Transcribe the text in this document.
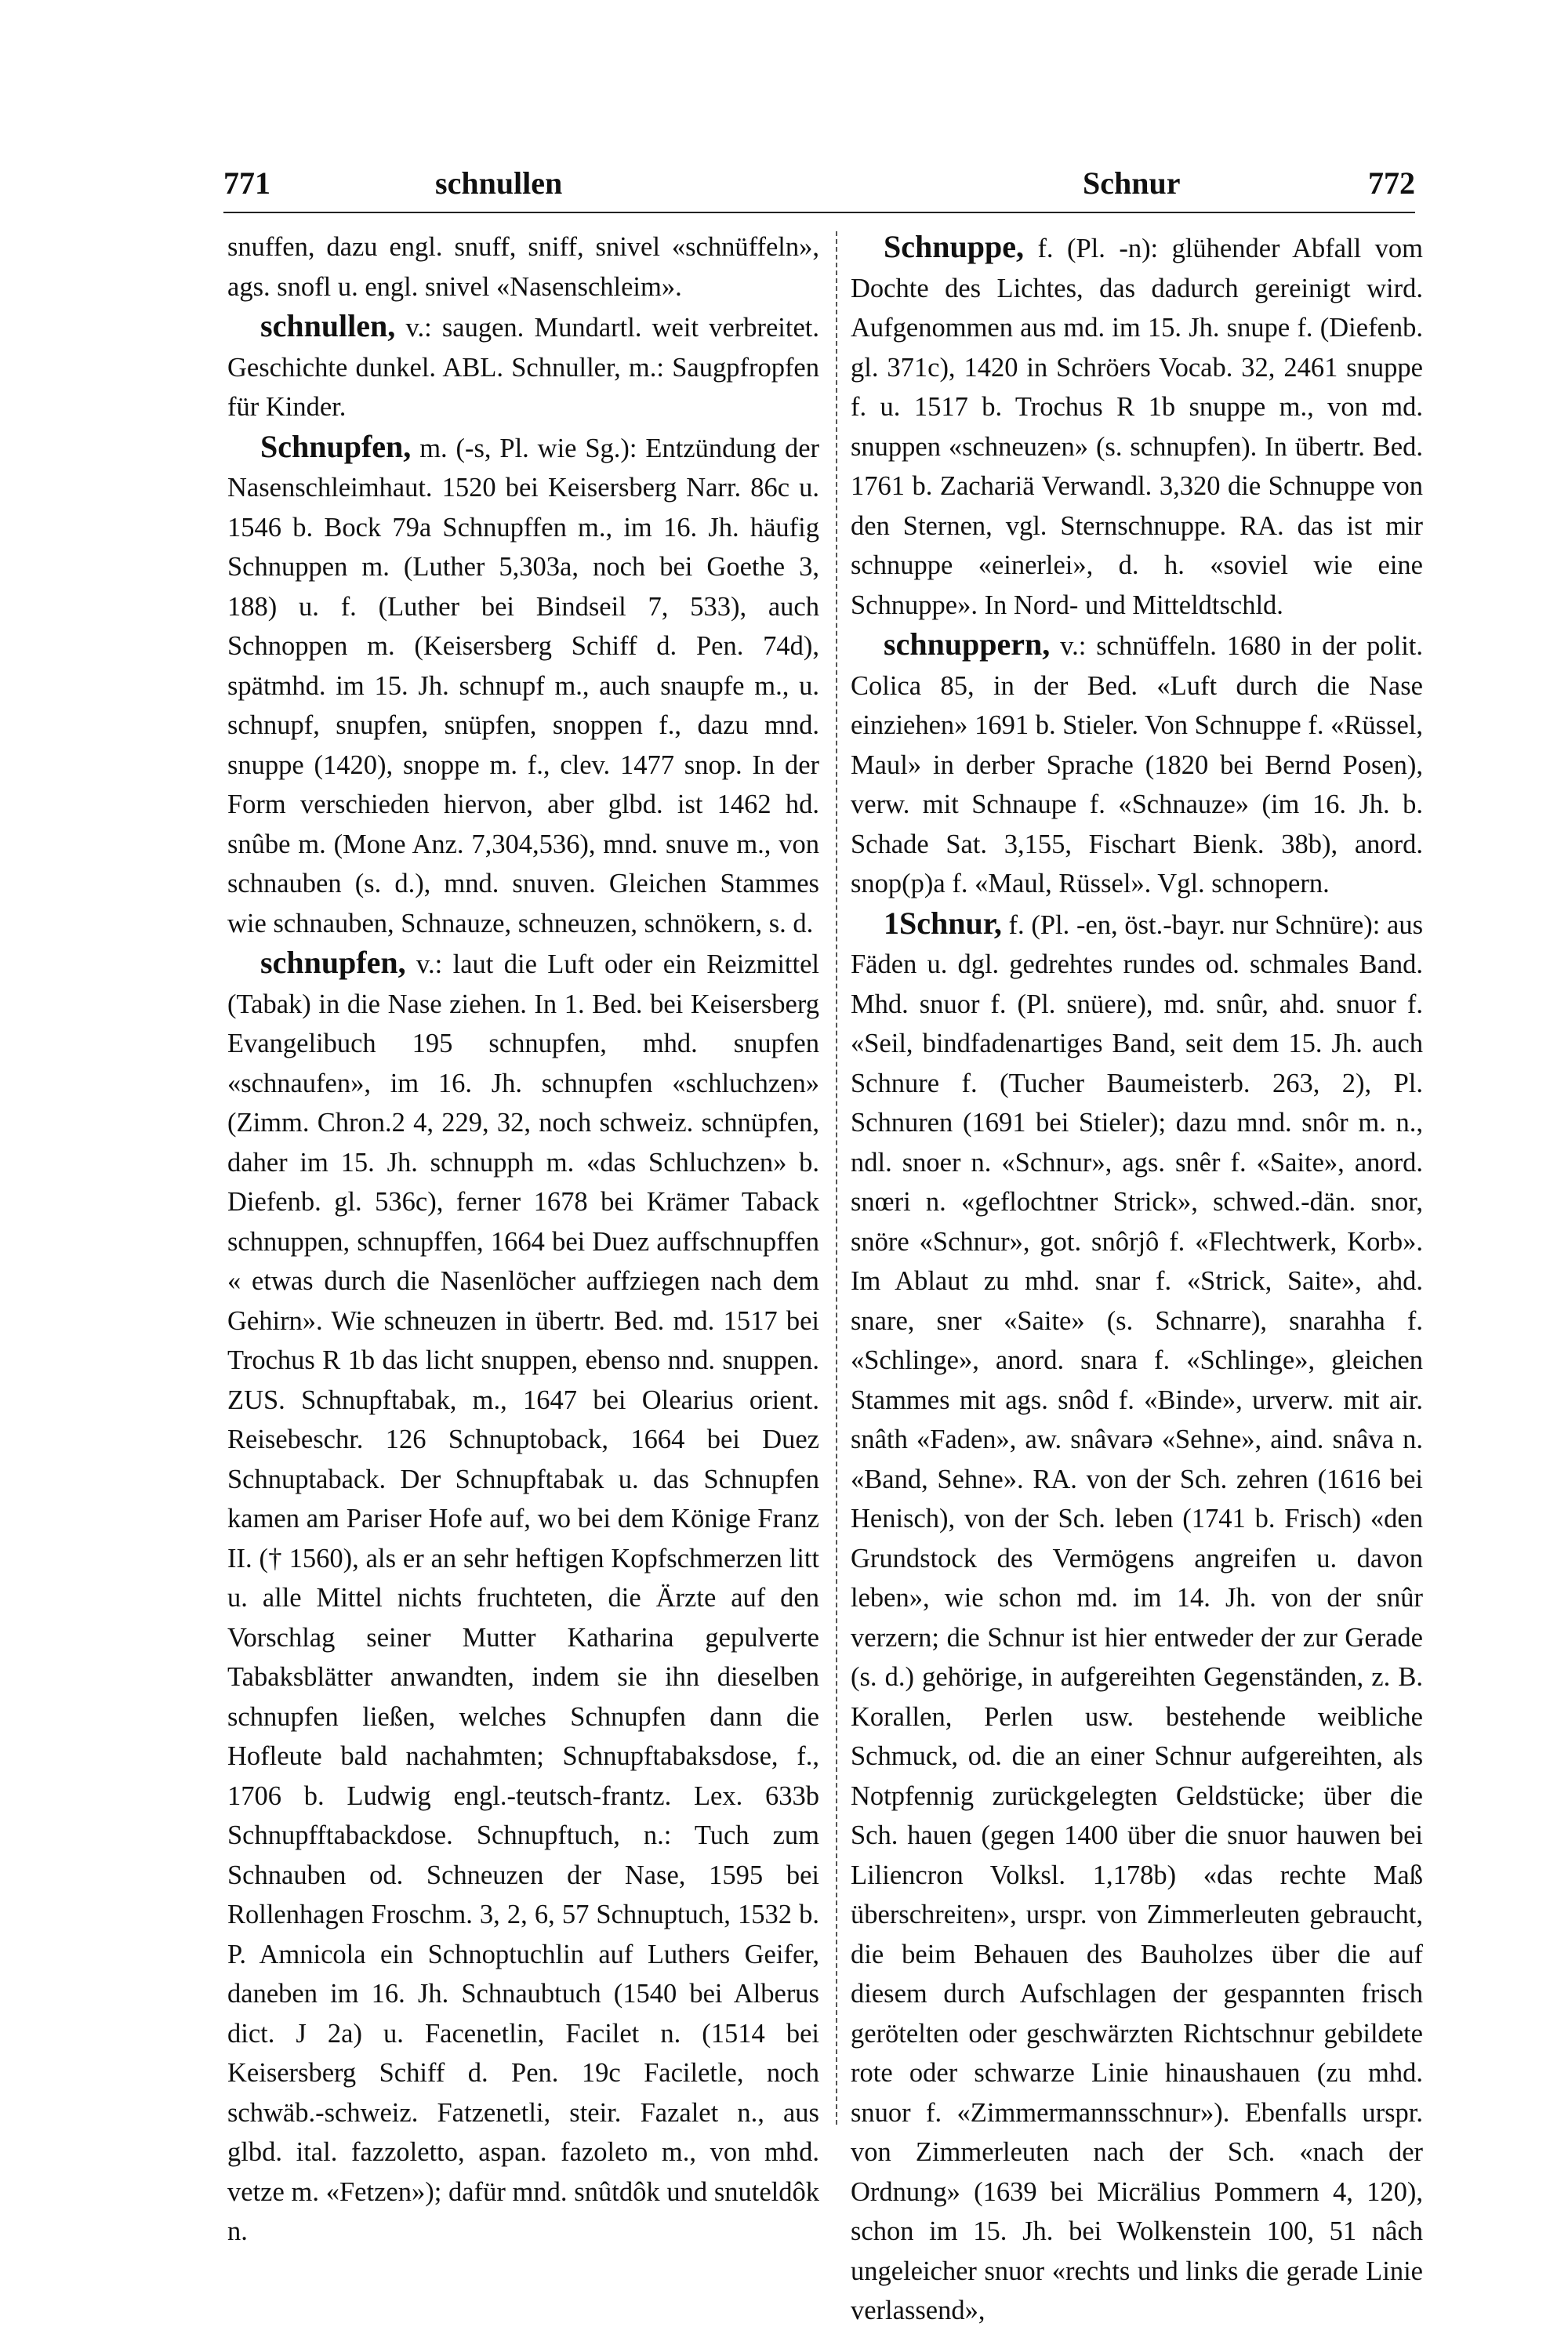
771	schnullen	Schnur	772

snuffen, dazu engl. snuff, sniff, snivel «schnüffeln», ags. snofl u. engl. snivel «Nasenschleim».

schnullen, v.: saugen. Mundartl. weit verbreitet. Geschichte dunkel. ABL. Schnuller, m.: Saugpfropfen für Kinder.

Schnupfen, m. (-s, Pl. wie Sg.): Entzündung der Nasenschleimhaut. 1520 bei Keisersberg Narr. 86c u. 1546 b. Bock 79a Schnupffen m., im 16. Jh. häufig Schnuppen m. (Luther 5,303a, noch bei Goethe 3, 188) u. f. (Luther bei Bindseil 7, 533), auch Schnoppen m. (Keisersberg Schiff d. Pen. 74d), spätmhd. im 15. Jh. schnupf m., auch snaupfe m., u. schnupf, snupfen, snüpfen, snoppen f., dazu mnd. snuppe (1420), snoppe m. f., clev. 1477 snop. In der Form verschieden hiervon, aber glbd. ist 1462 hd. snûbe m. (Mone Anz. 7,304,536), mnd. snuve m., von schnauben (s. d.), mnd. snuven. Gleichen Stammes wie schnauben, Schnauze, schneuzen, schnökern, s. d.

schnupfen, v.: laut die Luft oder ein Reizmittel (Tabak) in die Nase ziehen. In 1. Bed. bei Keisersberg Evangelibuch 195 schnupfen, mhd. snupfen «schnaufen», im 16. Jh. schnupfen «schluchzen» (Zimm. Chron.2 4, 229, 32, noch schweiz. schnüpfen, daher im 15. Jh. schnupph m. «das Schluchzen» b. Diefenb. gl. 536c), ferner 1678 bei Krämer Taback schnuppen, schnupffen, 1664 bei Duez auffschnupffen « etwas durch die Nasenlöcher auffziegen nach dem Gehirn». Wie schneuzen in übertr. Bed. md. 1517 bei Trochus R 1b das licht snuppen, ebenso nnd. snuppen. ZUS. Schnupftabak, m., 1647 bei Olearius orient. Reisebeschr. 126 Schnuptoback, 1664 bei Duez Schnuptaback. Der Schnupftabak u. das Schnupfen kamen am Pariser Hofe auf, wo bei dem Könige Franz II. († 1560), als er an sehr heftigen Kopfschmerzen litt u. alle Mittel nichts fruchteten, die Ärzte auf den Vorschlag seiner Mutter Katharina gepulverte Tabaksblätter anwandten, indem sie ihn dieselben schnupfen ließen, welches Schnupfen dann die Hofleute bald nachahmten; Schnupftabaksdose, f., 1706 b. Ludwig engl.-teutsch-frantz. Lex. 633b Schnupfftabackdose. Schnupftuch, n.: Tuch zum Schnauben od. Schneuzen der Nase, 1595 bei Rollenhagen Froschm. 3, 2, 6, 57 Schnuptuch, 1532 b. P. Amnicola ein Schnoptuchlin auf Luthers Geifer, daneben im 16. Jh. Schnaubtuch (1540 bei Alberus dict. J 2a) u. Facenetlin, Facilet n. (1514 bei Keisersberg Schiff d. Pen. 19c Faciletle, noch schwäb.-schweiz. Fatzenetli, steir. Fazalet n., aus glbd. ital. fazzoletto, aspan. fazoleto m., von mhd. vetze m. «Fetzen»); dafür mnd. snûtdôk und snuteldôk n.

Schnuppe, f. (Pl. -n): glühender Abfall vom Dochte des Lichtes, das dadurch gereinigt wird. Aufgenommen aus md. im 15. Jh. snupe f. (Diefenb. gl. 371c), 1420 in Schröers Vocab. 32, 2461 snuppe f. u. 1517 b. Trochus R 1b snuppe m., von md. snuppen «schneuzen» (s. schnupfen). In übertr. Bed. 1761 b. Zachariä Verwandl. 3,320 die Schnuppe von den Sternen, vgl. Sternschnuppe. RA. das ist mir schnuppe «einerlei», d. h. «soviel wie eine Schnuppe». In Nord- und Mitteldtschld.

schnuppern, v.: schnüffeln. 1680 in der polit. Colica 85, in der Bed. «Luft durch die Nase einziehen» 1691 b. Stieler. Von Schnuppe f. «Rüssel, Maul» in derber Sprache (1820 bei Bernd Posen), verw. mit Schnaupe f. «Schnauze» (im 16. Jh. b. Schade Sat. 3,155, Fischart Bienk. 38b), anord. snop(p)a f. «Maul, Rüssel». Vgl. schnopern.

1Schnur, f. (Pl. -en, öst.-bayr. nur Schnüre): aus Fäden u. dgl. gedrehtes rundes od. schmales Band. Mhd. snuor f. (Pl. snüere), md. snûr, ahd. snuor f. «Seil, bindfadenartiges Band, seit dem 15. Jh. auch Schnure f. (Tucher Baumeisterb. 263, 2), Pl. Schnuren (1691 bei Stieler); dazu mnd. snôr m. n., ndl. snoer n. «Schnur», ags. snêr f. «Saite», anord. snœri n. «geflochtner Strick», schwed.-dän. snor, snöre «Schnur», got. snôrjô f. «Flechtwerk, Korb». Im Ablaut zu mhd. snar f. «Strick, Saite», ahd. snare, sner «Saite» (s. Schnarre), snarahha f. «Schlinge», anord. snara f. «Schlinge», gleichen Stammes mit ags. snôd f. «Binde», urverw. mit air. snâth «Faden», aw. snâvarə «Sehne», aind. snâva n. «Band, Sehne». RA. von der Sch. zehren (1616 bei Henisch), von der Sch. leben (1741 b. Frisch) «den Grundstock des Vermögens angreifen u. davon leben», wie schon md. im 14. Jh. von der snûr verzern; die Schnur ist hier entweder der zur Gerade (s. d.) gehörige, in aufgereihten Gegenständen, z. B. Korallen, Perlen usw. bestehende weibliche Schmuck, od. die an einer Schnur aufgereihten, als Notpfennig zurückgelegten Geldstücke; über die Sch. hauen (gegen 1400 über die snuor hauwen bei Liliencron Volksl. 1,178b) «das rechte Maß überschreiten», urspr. von Zimmerleuten gebraucht, die beim Behauen des Bauholzes über die auf diesem durch Aufschlagen der gespannten frisch gerötelten oder geschwärzten Richtschnur gebildete rote oder schwarze Linie hinaushauen (zu mhd. snuor f. «Zimmermannsschnur»). Ebenfalls urspr. von Zimmerleuten nach der Sch. «nach der Ordnung» (1639 bei Micrälius Pommern 4, 120), schon im 15. Jh. bei Wolkenstein 100, 51 nâch ungeleicher snuor «rechts und links die gerade Linie verlassend»,
